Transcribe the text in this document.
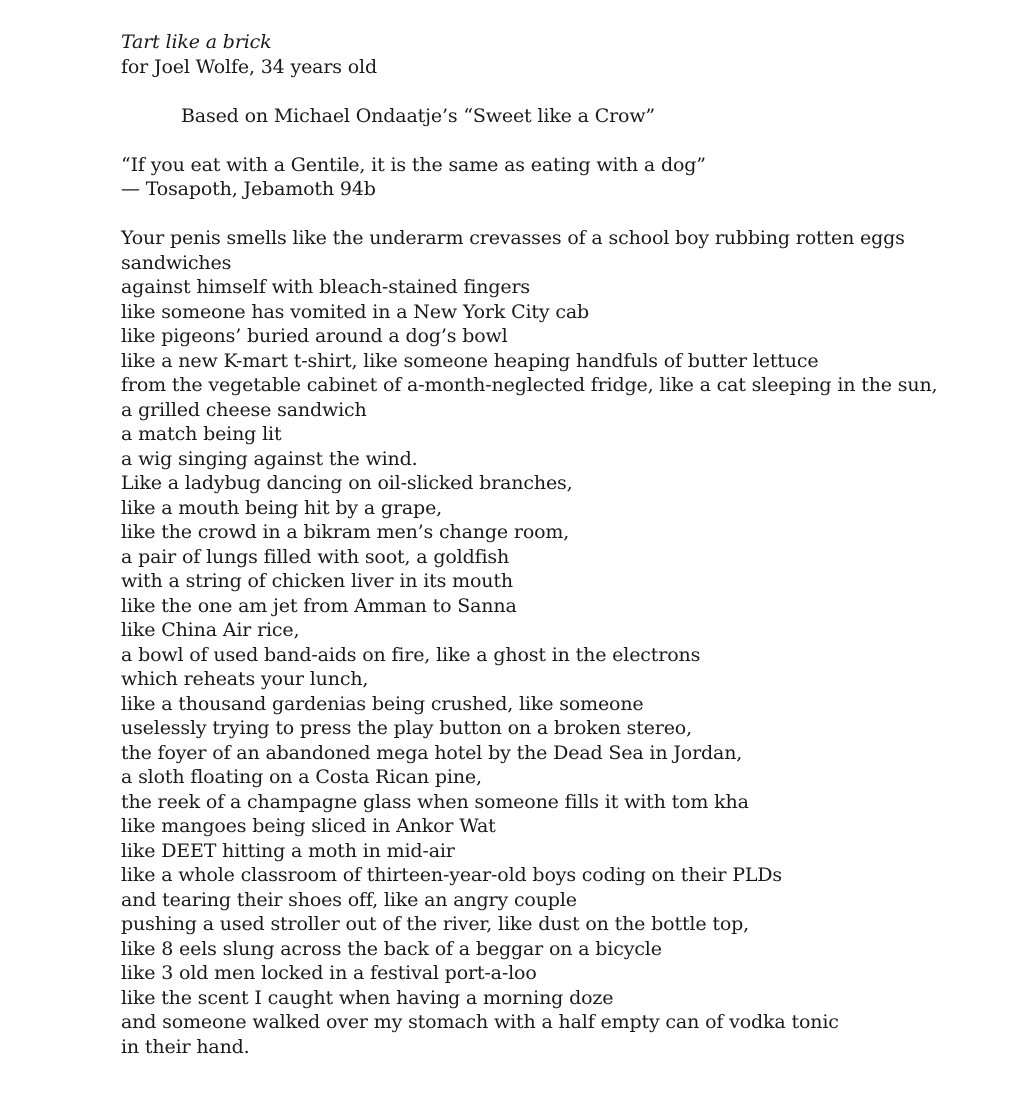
Tart like a brick
for Joel Wolfe, 34 years old
Based on Michael Ondaatje’s “Sweet like a Crow”
“If you eat with a Gentile, it is the same as eating with a dog”
— Tosapoth, Jebamoth 94b
Your penis smells like the underarm crevasses of a school boy rubbing rotten eggs
sandwiches
against himself with bleach-stained fingers
like someone has vomited in a New York City cab
like pigeons’ buried around a dog’s bowl
like a new K-mart t-shirt, like someone heaping handfuls of butter lettuce
from the vegetable cabinet of a-month-neglected fridge, like a cat sleeping in the sun,
a grilled cheese sandwich
a match being lit
a wig singing against the wind.
Like a ladybug dancing on oil-slicked branches,
like a mouth being hit by a grape,
like the crowd in a bikram men’s change room,
a pair of lungs filled with soot, a goldfish
with a string of chicken liver in its mouth
like the one am jet from Amman to Sanna
like China Air rice,
a bowl of used band-aids on fire, like a ghost in the electrons
which reheats your lunch,
like a thousand gardenias being crushed, like someone
uselessly trying to press the play button on a broken stereo,
the foyer of an abandoned mega hotel by the Dead Sea in Jordan,
a sloth floating on a Costa Rican pine,
the reek of a champagne glass when someone fills it with tom kha
like mangoes being sliced in Ankor Wat
like DEET hitting a moth in mid-air
like a whole classroom of thirteen-year-old boys coding on their PLDs
and tearing their shoes off, like an angry couple
pushing a used stroller out of the river, like dust on the bottle top,
like 8 eels slung across the back of a beggar on a bicycle
like 3 old men locked in a festival port-a-loo
like the scent I caught when having a morning doze
and someone walked over my stomach with a half empty can of vodka tonic
in their hand.
